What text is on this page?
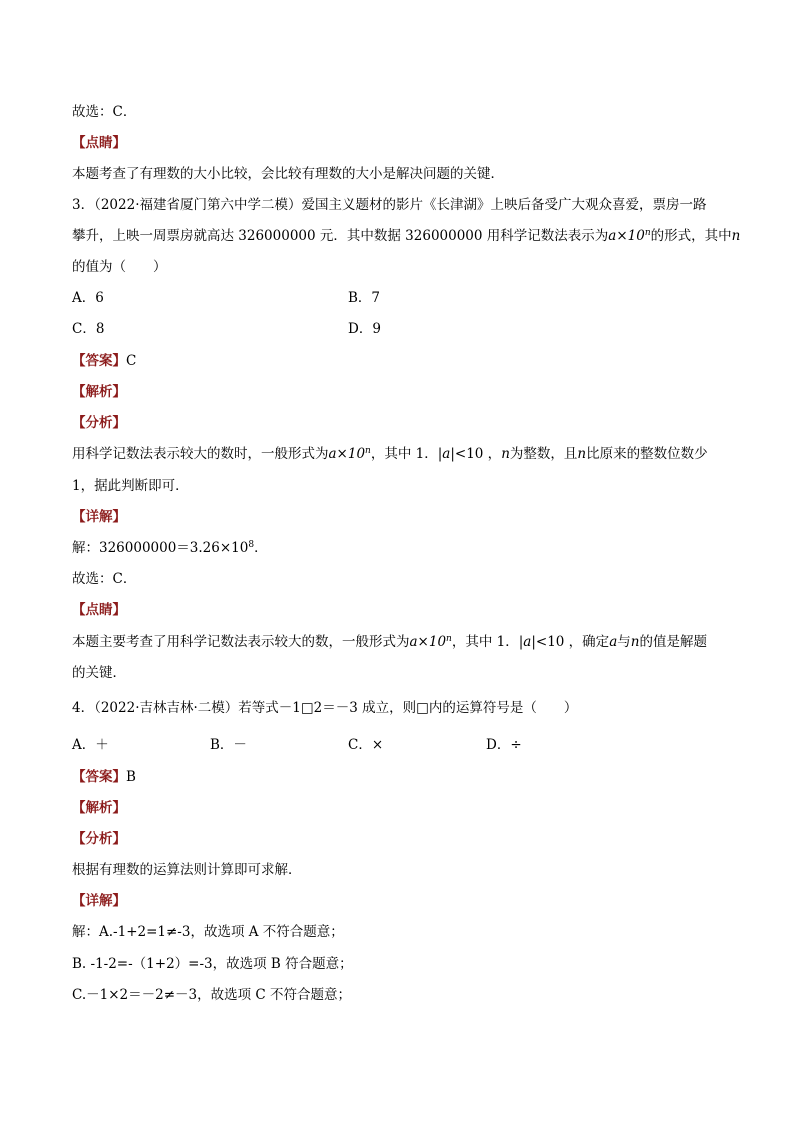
故选：C．
【点睛】
本题考查了有理数的大小比较，会比较有理数的大小是解决问题的关键．
3．（2022·福建省厦门第六中学二模）爱国主义题材的影片《长津湖》上映后备受广大观众喜爱，票房一路
攀升，上映一周票房就高达 326000000 元．其中数据 326000000 用科学记数法表示为$a\times 10^n$的形式，其中n
的值为（　　）
A．6	B．7
C．8	D．9
【答案】C
【解析】
【分析】
用科学记数法表示较大的数时，一般形式为$a\times 10^n$，其中 1．|a|<10 ，n为整数，且n比原来的整数位数少
1，据此判断即可．
【详解】
解：$326000000=3.26\times 10^8$．
故选：C．
【点睛】
本题主要考查了用科学记数法表示较大的数，一般形式为$a\times 10^n$，其中 1．|a|<10 ，确定a与n的值是解题
的关键．
4．（2022·吉林吉林·二模）若等式－1□2＝－3 成立，则□内的运算符号是（　　）
A．＋	B．－	C．×	D．÷
【答案】B
【解析】
【分析】
根据有理数的运算法则计算即可求解．
【详解】
解：A.-1+2=1≠-3，故选项 A 不符合题意；
B. -1-2=-（1+2）=-3，故选项 B 符合题意；
C.－1×2＝－2≠－3，故选项 C 不符合题意；
